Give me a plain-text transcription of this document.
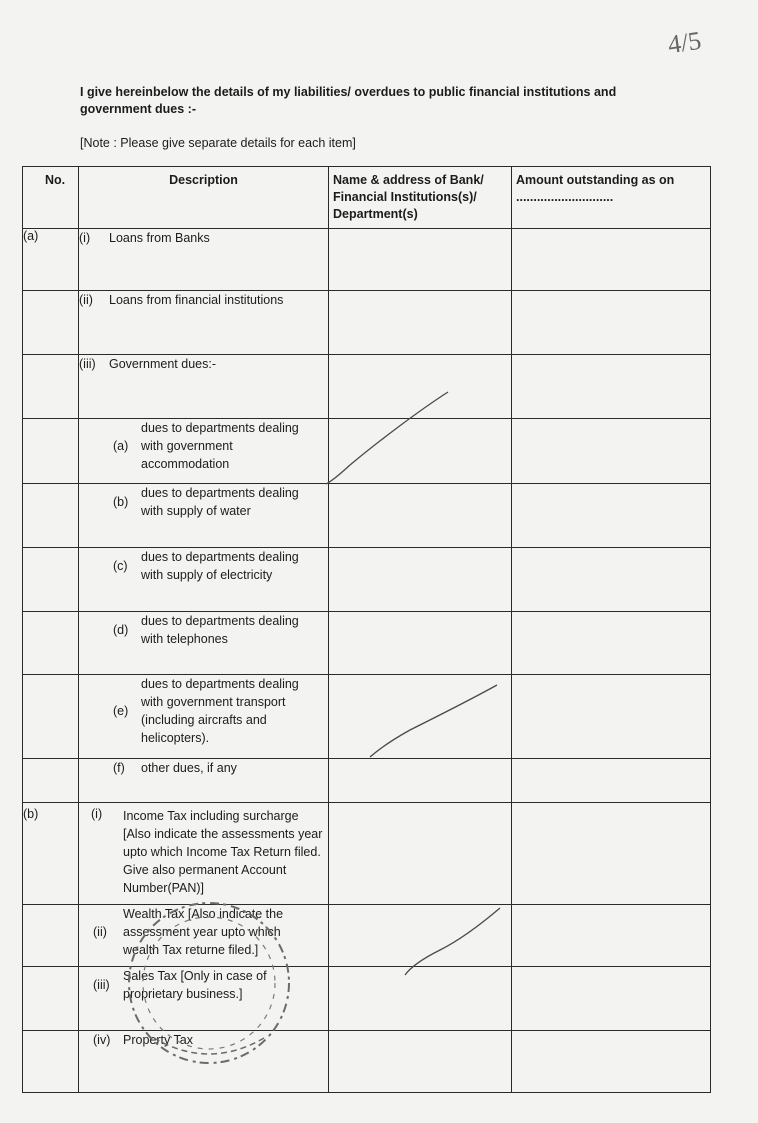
4/5
I give hereinbelow the details of my liabilities/ overdues to public financial institutions and government dues :-
[Note : Please give separate details for each item]
No.	Description	Name & address of Bank/ Financial Institutions(s)/ Department(s)	Amount outstanding as on ............................

(a)	(i) Loans from Banks		

	(ii) Loans from financial institutions		

	(iii) Government dues:-		

	(a)
dues to departments dealing with government accommodation		

	(b)
dues to departments dealing with supply of water		

	(c)
dues to departments dealing with supply of electricity		

	(d)
dues to departments dealing with telephones		

	(e)
dues to departments dealing with government transport (including aircrafts and helicopters).		

	(f) other dues, if any		

(b)	(i) Income Tax including surcharge [Also indicate the assessments year upto which Income Tax Return filed. Give also permanent Account Number(PAN)]		

	(ii)
Wealth Tax [Also indicate the assessment year upto which wealth Tax returne filed.]		

	(iii)
Sales Tax [Only in case of proprietary business.]		

	(iv) Property Tax		
